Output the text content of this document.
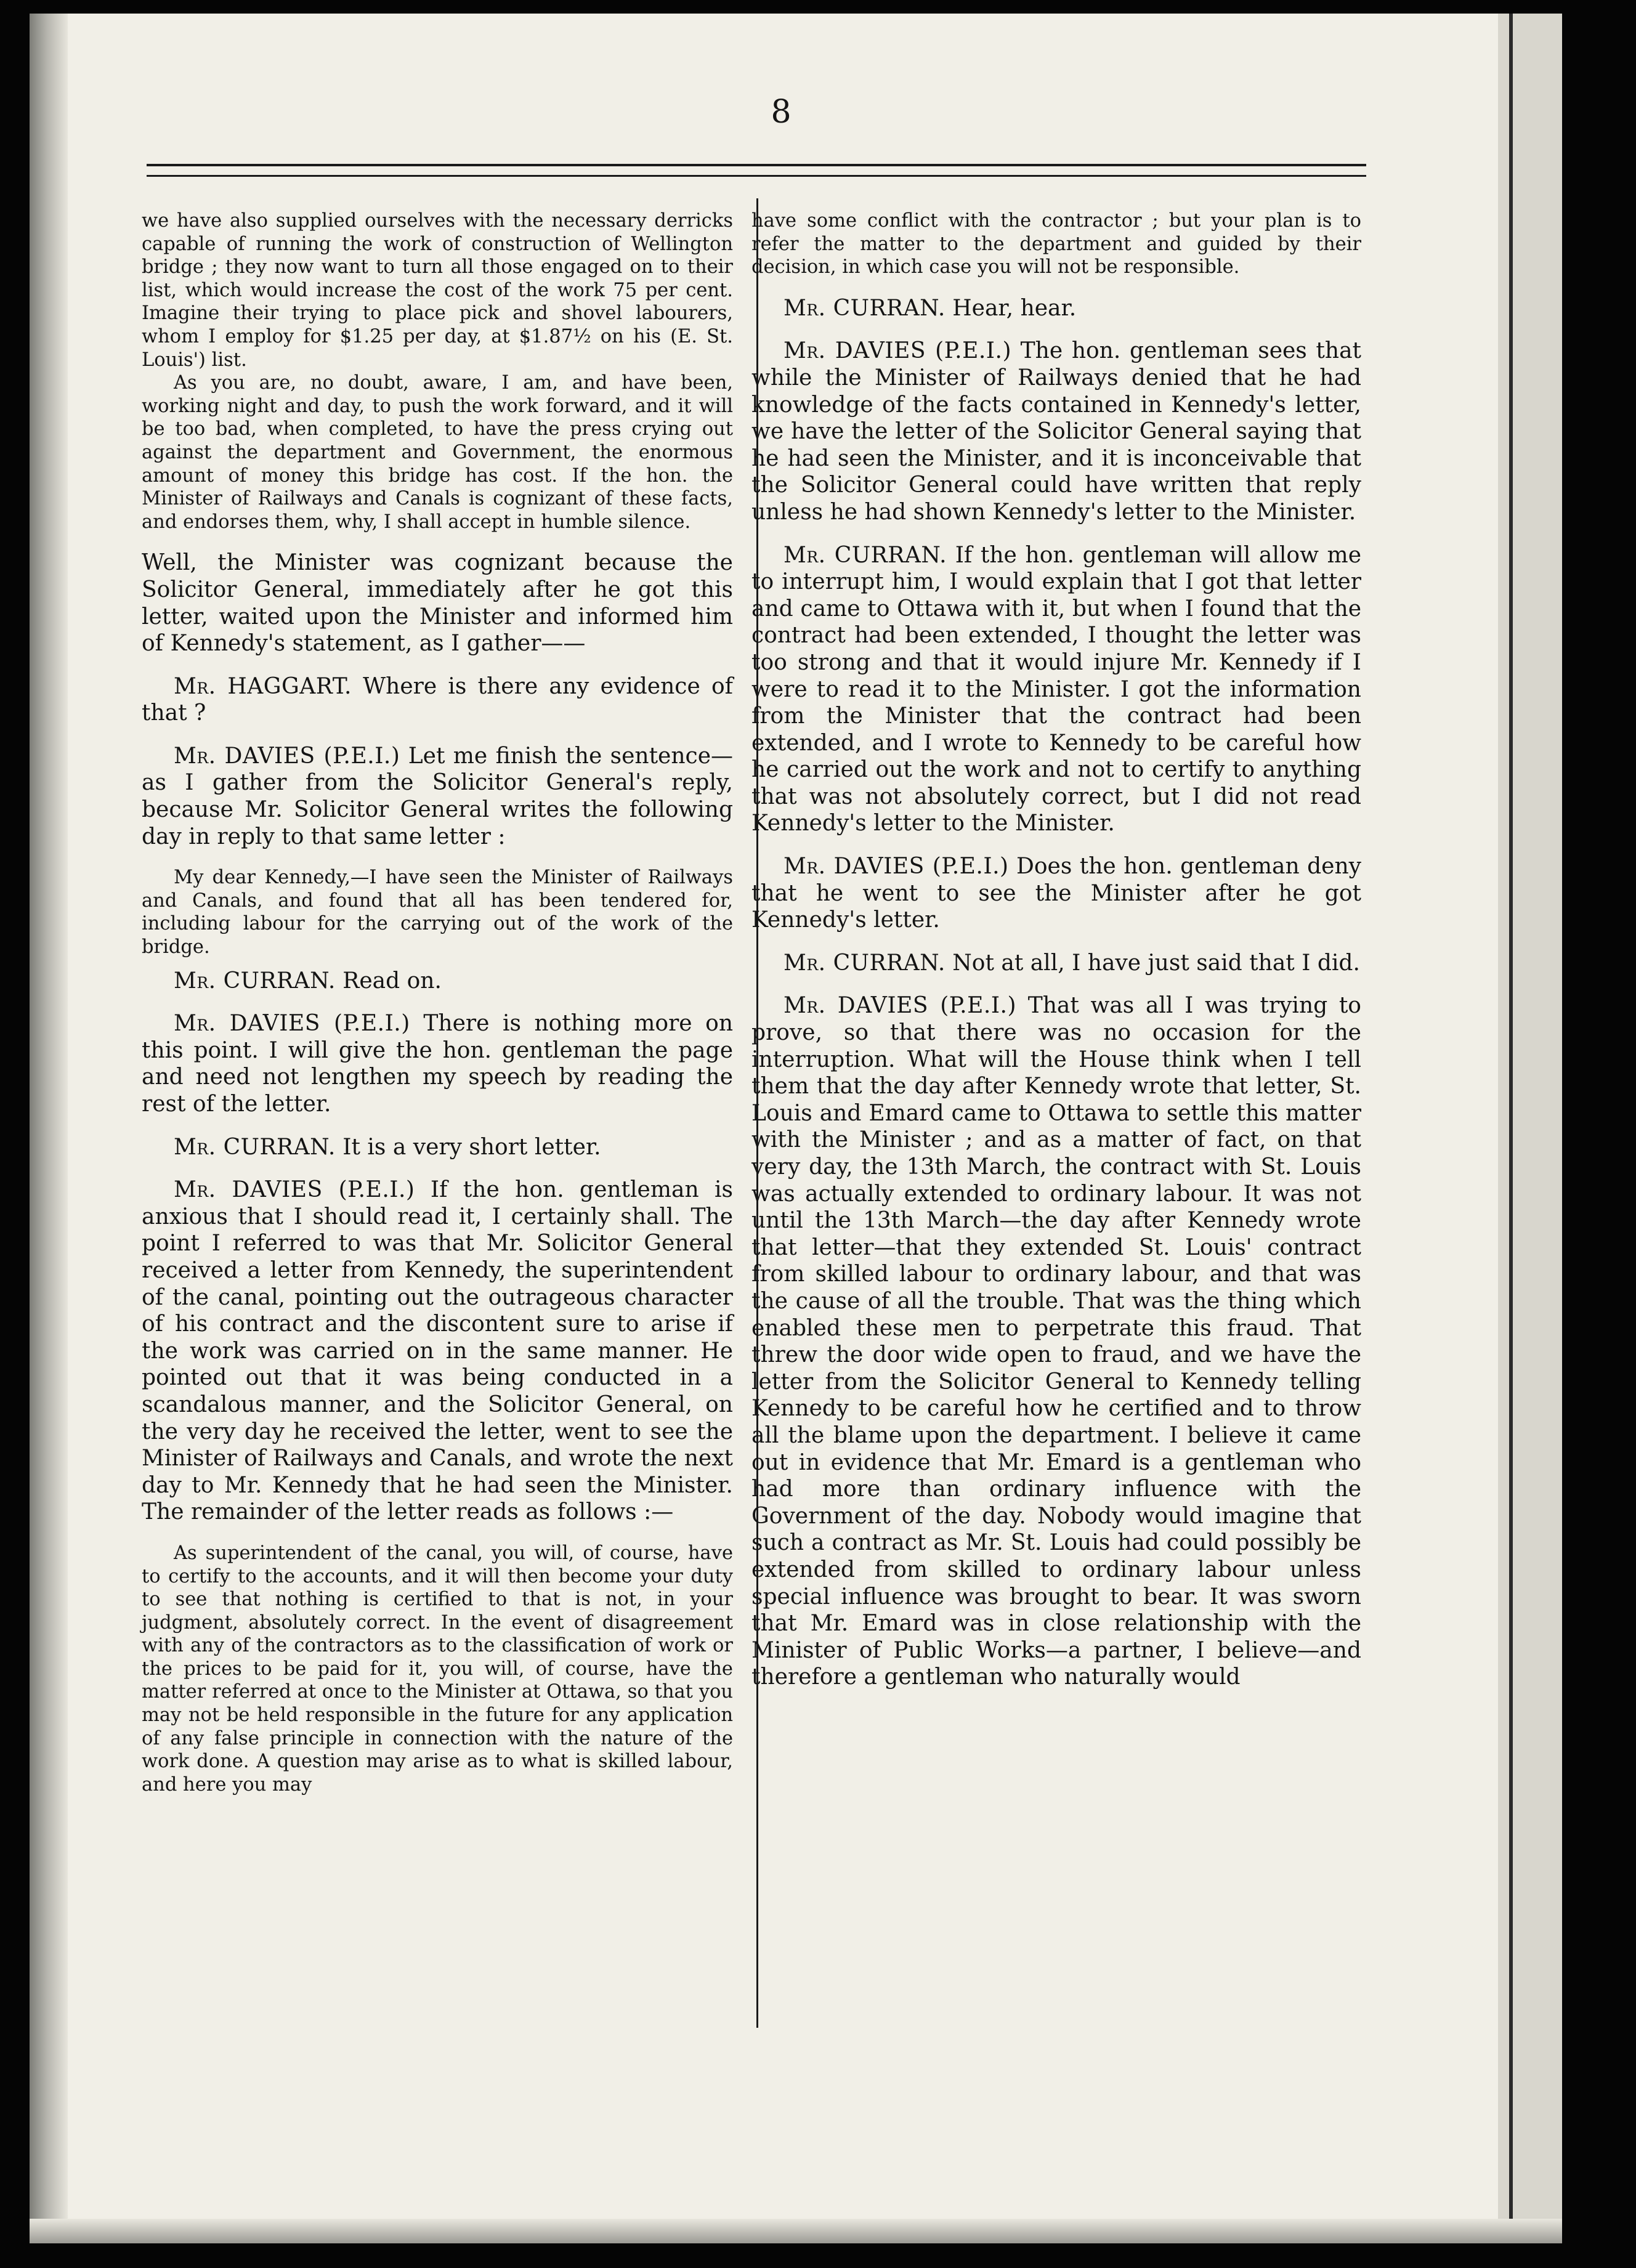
8

we have also supplied ourselves with the necessary derricks capable of running the work of construction of Wellington bridge ; they now want to turn all those engaged on to their list, which would increase the cost of the work 75 per cent. Imagine their trying to place pick and shovel labourers, whom I employ for $1.25 per day, at $1.87½ on his (E. St. Louis') list.

As you are, no doubt, aware, I am, and have been, working night and day, to push the work forward, and it will be too bad, when completed, to have the press crying out against the department and Government, the enormous amount of money this bridge has cost. If the hon. the Minister of Railways and Canals is cognizant of these facts, and endorses them, why, I shall accept in humble silence.

Well, the Minister was cognizant because the Solicitor General, immediately after he got this letter, waited upon the Minister and informed him of Kennedy's statement, as I gather——

Mr. HAGGART. Where is there any evidence of that ?

Mr. DAVIES (P.E.I.) Let me finish the sentence—as I gather from the Solicitor General's reply, because Mr. Solicitor General writes the following day in reply to that same letter :

My dear Kennedy,—I have seen the Minister of Railways and Canals, and found that all has been tendered for, including labour for the carrying out of the work of the bridge.

Mr. CURRAN. Read on.

Mr. DAVIES (P.E.I.) There is nothing more on this point. I will give the hon. gentleman the page and need not lengthen my speech by reading the rest of the letter.

Mr. CURRAN. It is a very short letter.

Mr. DAVIES (P.E.I.) If the hon. gentleman is anxious that I should read it, I certainly shall. The point I referred to was that Mr. Solicitor General received a letter from Kennedy, the superintendent of the canal, pointing out the outrageous character of his contract and the discontent sure to arise if the work was carried on in the same manner. He pointed out that it was being conducted in a scandalous manner, and the Solicitor General, on the very day he received the letter, went to see the Minister of Railways and Canals, and wrote the next day to Mr. Kennedy that he had seen the Minister. The remainder of the letter reads as follows :—

As superintendent of the canal, you will, of course, have to certify to the accounts, and it will then become your duty to see that nothing is certified to that is not, in your judgment, absolutely correct. In the event of disagreement with any of the contractors as to the classification of work or the prices to be paid for it, you will, of course, have the matter referred at once to the Minister at Ottawa, so that you may not be held responsible in the future for any application of any false principle in connection with the nature of the work done. A question may arise as to what is skilled labour, and here you may

have some conflict with the contractor ; but your plan is to refer the matter to the department and guided by their decision, in which case you will not be responsible.

Mr. CURRAN. Hear, hear.

Mr. DAVIES (P.E.I.) The hon. gentleman sees that while the Minister of Railways denied that he had knowledge of the facts contained in Kennedy's letter, we have the letter of the Solicitor General saying that he had seen the Minister, and it is inconceivable that the Solicitor General could have written that reply unless he had shown Kennedy's letter to the Minister.

Mr. CURRAN. If the hon. gentleman will allow me to interrupt him, I would explain that I got that letter and came to Ottawa with it, but when I found that the contract had been extended, I thought the letter was too strong and that it would injure Mr. Kennedy if I were to read it to the Minister. I got the information from the Minister that the contract had been extended, and I wrote to Kennedy to be careful how he carried out the work and not to certify to anything that was not absolutely correct, but I did not read Kennedy's letter to the Minister.

Mr. DAVIES (P.E.I.) Does the hon. gentleman deny that he went to see the Minister after he got Kennedy's letter.

Mr. CURRAN. Not at all, I have just said that I did.

Mr. DAVIES (P.E.I.) That was all I was trying to prove, so that there was no occasion for the interruption. What will the House think when I tell them that the day after Kennedy wrote that letter, St. Louis and Emard came to Ottawa to settle this matter with the Minister ; and as a matter of fact, on that very day, the 13th March, the contract with St. Louis was actually extended to ordinary labour. It was not until the 13th March—the day after Kennedy wrote that letter—that they extended St. Louis' contract from skilled labour to ordinary labour, and that was the cause of all the trouble. That was the thing which enabled these men to perpetrate this fraud. That threw the door wide open to fraud, and we have the letter from the Solicitor General to Kennedy telling Kennedy to be careful how he certified and to throw all the blame upon the department. I believe it came out in evidence that Mr. Emard is a gentleman who had more than ordinary influence with the Government of the day. Nobody would imagine that such a contract as Mr. St. Louis had could possibly be extended from skilled to ordinary labour unless special influence was brought to bear. It was sworn that Mr. Emard was in close relationship with the Minister of Public Works—a partner, I believe—and therefore a gentleman who naturally would
